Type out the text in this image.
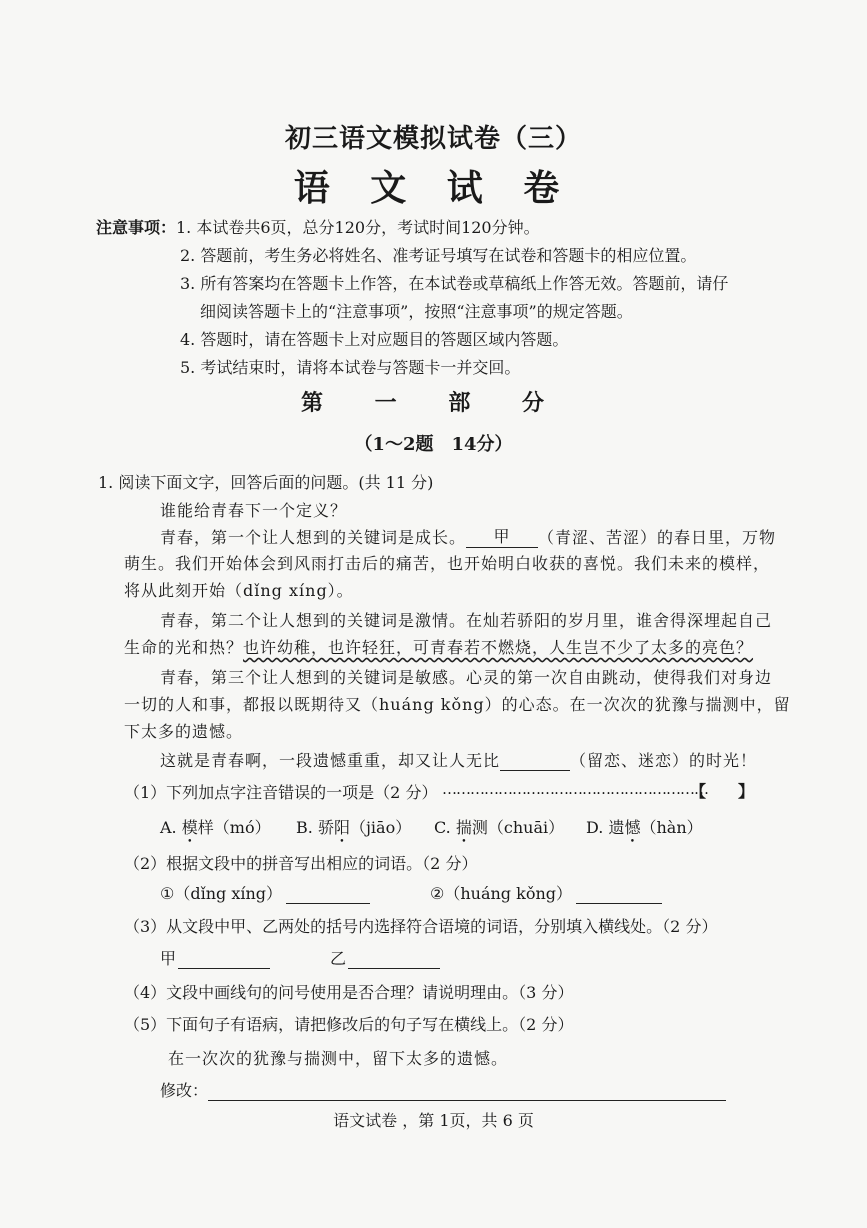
初三语文模拟试卷（三）
语 文 试 卷
注意事项： 1. 本试卷共6页，总分120分，考试时间120分钟。
2. 答题前，考生务必将姓名、准考证号填写在试卷和答题卡的相应位置。
3. 所有答案均在答题卡上作答，在本试卷或草稿纸上作答无效。答题前，请仔
细阅读答题卡上的“注意事项”，按照“注意事项”的规定答题。
4. 答题时，请在答题卡上对应题目的答题区域内答题。
5. 考试结束时，请将本试卷与答题卡一并交回。
第 一 部 分
（1～2题　14分）
1. 阅读下面文字，回答后面的问题。(共 11 分)
谁能给青春下一个定义？
青春，第一个让人想到的关键词是成长。 甲 （青涩、苦涩）的春日里，万物
萌生。我们开始体会到风雨打击后的痛苦，也开始明白收获的喜悦。我们未来的模样，
将从此刻开始（dǐng xíng）。
青春，第二个让人想到的关键词是激情。在灿若骄阳的岁月里，谁舍得深埋起自己
生命的光和热？也许幼稚，也许轻狂，可青春若不燃烧，人生岂不少了太多的亮色？
青春，第三个让人想到的关键词是敏感。心灵的第一次自由跳动，使得我们对身边
一切的人和事，都报以既期待又（huáng kǒng）的心态。在一次次的犹豫与揣测中，留
下太多的遗憾。
这就是青春啊，一段遗憾重重，却又让人无比	（留恋、迷恋）的时光！
（1）下列加点字注音错误的一项是（2 分） …………………………………………………
【　　】
A. 模样（mó） B. 骄阳（jiāo） C. 揣测（chuāi） D. 遗憾（hàn）
（2）根据文段中的拼音写出相应的词语。（2 分）
①（dǐng xíng）	②（huáng kǒng）
（3）从文段中甲、乙两处的括号内选择符合语境的词语，分别填入横线处。（2 分）
甲	乙
（4）文段中画线句的问号使用是否合理？请说明理由。（3 分）
（5）下面句子有语病，请把修改后的句子写在横线上。（2 分）
在一次次的犹豫与揣测中，留下太多的遗憾。
修改：
语文试卷 ，第 1页，共 6 页
